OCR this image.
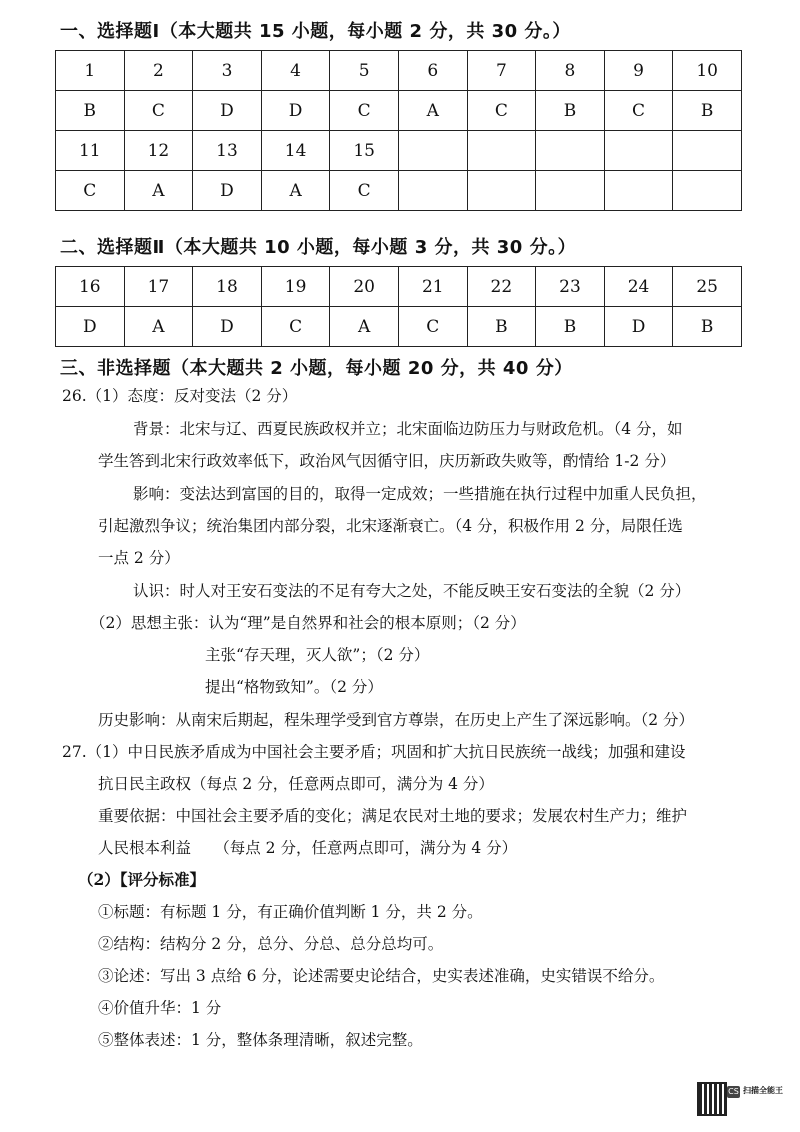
一、选择题Ⅰ（本大题共 15 小题，每小题 2 分，共 30 分。）
1	2	3	4	5	6	7	8	9	10
B	C	D	D	C	A	C	B	C	B
11	12	13	14	15					
C	A	D	A	C					
二、选择题Ⅱ（本大题共 10 小题，每小题 3 分，共 30 分。）
16	17	18	19	20	21	22	23	24	25
D	A	D	C	A	C	B	B	D	B
三、非选择题（本大题共 2 小题，每小题 20 分，共 40 分）
26.（1）态度：反对变法（2 分）
背景：北宋与辽、西夏民族政权并立；北宋面临边防压力与财政危机。（4 分，如
学生答到北宋行政效率低下，政治风气因循守旧，庆历新政失败等，酌情给 1-2 分）
影响：变法达到富国的目的，取得一定成效；一些措施在执行过程中加重人民负担，
引起激烈争议；统治集团内部分裂，北宋逐渐衰亡。（4 分，积极作用 2 分，局限任选
一点 2 分）
认识：时人对王安石变法的不足有夸大之处，不能反映王安石变法的全貌（2 分）
（2）思想主张：认为“理”是自然界和社会的根本原则；（2 分）
主张“存天理，灭人欲”；（2 分）
提出“格物致知”。（2 分）
历史影响：从南宋后期起，程朱理学受到官方尊崇，在历史上产生了深远影响。（2 分）
27.（1）中日民族矛盾成为中国社会主要矛盾；巩固和扩大抗日民族统一战线；加强和建设
抗日民主政权（每点 2 分，任意两点即可，满分为 4 分）
重要依据：中国社会主要矛盾的变化；满足农民对土地的要求；发展农村生产力；维护
人民根本利益　　（每点 2 分，任意两点即可，满分为 4 分）
（2）【评分标准】
①标题：有标题 1 分，有正确价值判断 1 分，共 2 分。
②结构：结构分 2 分，总分、分总、总分总均可。
③论述：写出 3 点给 6 分，论述需要史论结合，史实表述准确，史实错误不给分。
④价值升华：1 分
⑤整体表述：1 分，整体条理清晰，叙述完整。
CS 扫描全能王
